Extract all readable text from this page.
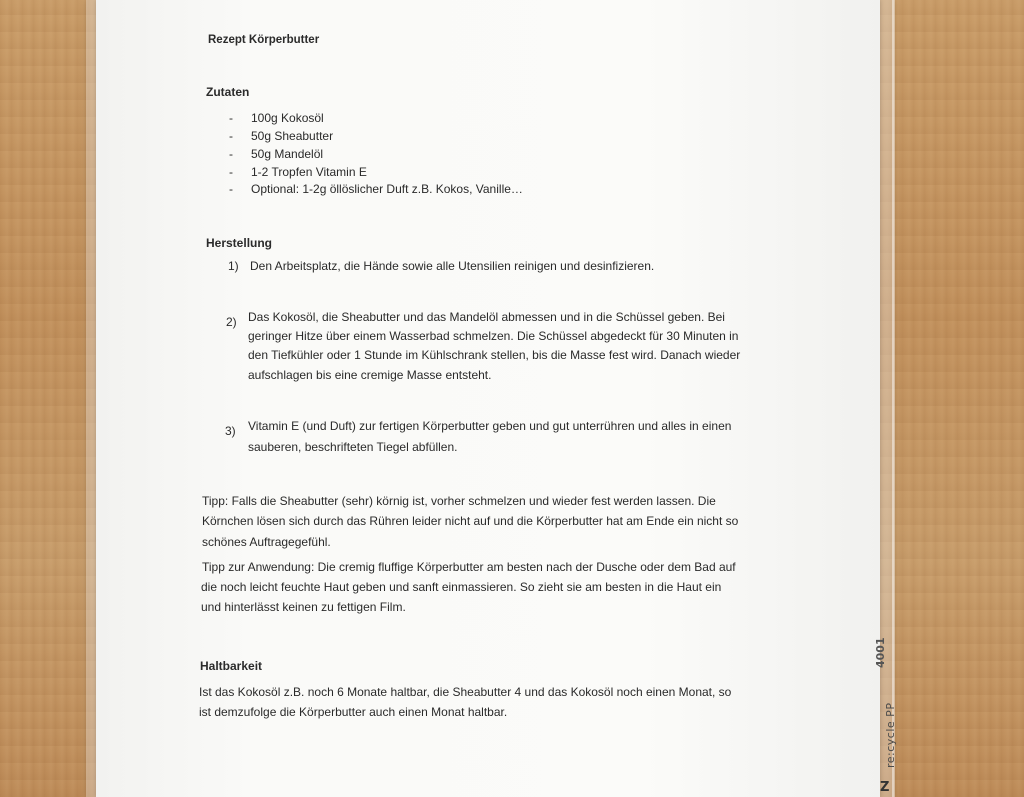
Rezept Körperbutter
Zutaten
- 100g Kokosöl
- 50g Sheabutter
- 50g Mandelöl
- 1-2 Tropfen Vitamin E
- Optional: 1-2g öllöslicher Duft z.B. Kokos, Vanille…
Herstellung
1) Den Arbeitsplatz, die Hände sowie alle Utensilien reinigen und desinfizieren.
2) Das Kokosöl, die Sheabutter und das Mandelöl abmessen und in die Schüssel geben. Bei
geringer Hitze über einem Wasserbad schmelzen. Die Schüssel abgedeckt für 30 Minuten in
den Tiefkühler oder 1 Stunde im Kühlschrank stellen, bis die Masse fest wird. Danach wieder
aufschlagen bis eine cremige Masse entsteht.
3) Vitamin E (und Duft) zur fertigen Körperbutter geben und gut unterrühren und alles in einen
sauberen, beschrifteten Tiegel abfüllen.
Tipp: Falls die Sheabutter (sehr) körnig ist, vorher schmelzen und wieder fest werden lassen. Die
Körnchen lösen sich durch das Rühren leider nicht auf und die Körperbutter hat am Ende ein nicht so
schönes Auftragegefühl.
Tipp zur Anwendung: Die cremig fluffige Körperbutter am besten nach der Dusche oder dem Bad auf
die noch leicht feuchte Haut geben und sanft einmassieren. So zieht sie am besten in die Haut ein
und hinterlässt keinen zu fettigen Film.
Haltbarkeit
Ist das Kokosöl z.B. noch 6 Monate haltbar, die Sheabutter 4 und das Kokosöl noch einen Monat, so
ist demzufolge die Körperbutter auch einen Monat haltbar.	re:cycle PP
4001
Z
